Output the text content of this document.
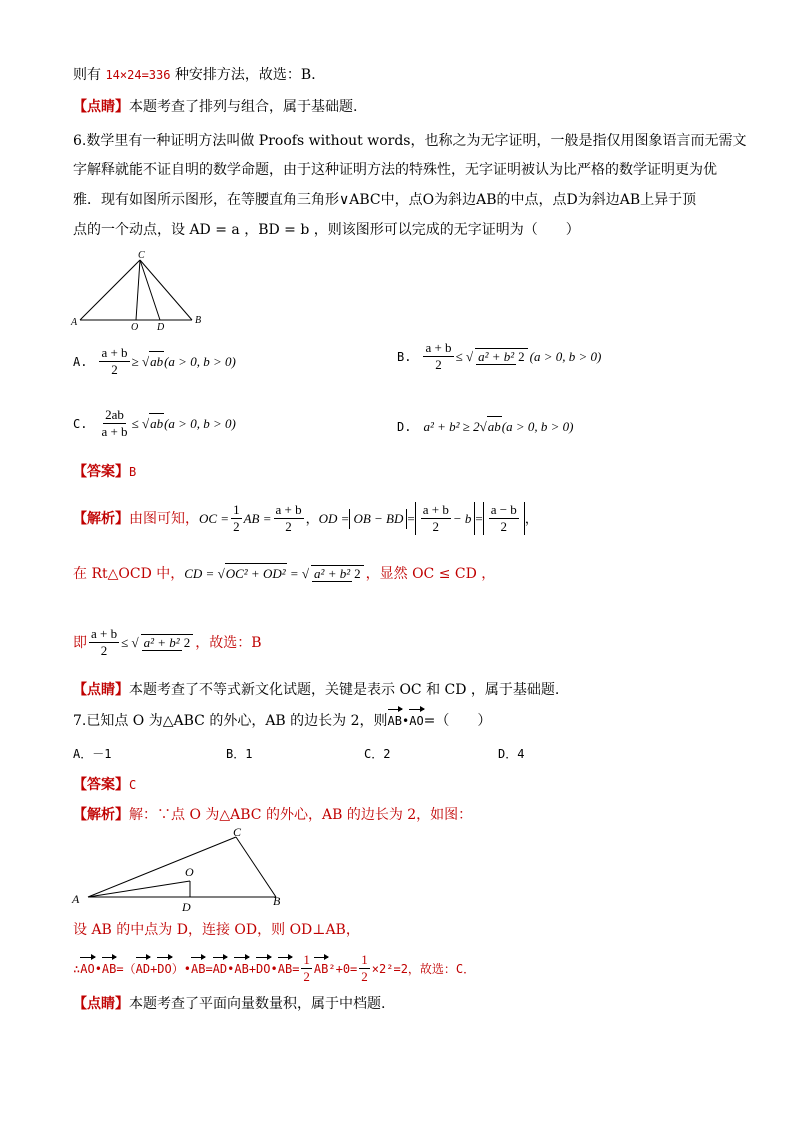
则有 14×24=336 种安排方法，故选：B．
【点睛】本题考查了排列与组合，属于基础题.
6.数学里有一种证明方法叫做 Proofs without words，也称之为无字证明，一般是指仅用图象语言而无需文
字解释就能不证自明的数学命题，由于这种证明方法的特殊性，无字证明被认为比严格的数学证明更为优
雅．现有如图所示图形，在等腰直角三角形∨ABC中，点O为斜边AB的中点，点D为斜边AB上异于顶
点的一个动点，设 AD = a ，BD = b ，则该图形可以完成的无字证明为（　　）
A	B
C
O D
A. $\frac{a + b}{2} \ge √ab$ (a > 0, b > 0)	B. $\frac{a + b}{2}$ ≤ √ a² + b² 2 (a > 0, b > 0)
C. $\frac{2ab}{a + b} \le √ab$ (a > 0, b > 0)	D. a² + b² ≥ 2√ab (a > 0, b > 0)
【答案】B
【解析】 由图可知， OC = $\frac{1}{2}$ AB = $\frac{a + b}{2}$ ， OD = OB − BD = $\frac{a + b}{2} - b = \frac{a - b}{2}$ ，
在 Rt△OCD 中， CD = √OC² + OD² = √ a² + b² 2 ，显然 OC ≤ CD ，
即 $\frac{a + b}{2}$ ≤ √ a² + b² 2 ，故选：B
【点睛】本题考查了不等式新文化试题，关键是表示 OC 和 CD ，属于基础题.
7.已知点 O 为△ABC 的外心，AB 的边长为 2，则 AB • AO =（　　）
A．－1	B．1	C．2	D．4
【答案】C
【解析】解：∵点 O 为△ABC 的外心，AB 的边长为 2，如图：
A	B
C
O
D
设 AB 的中点为 D，连接 OD，则 OD⊥AB，
∴ AO • AB =（ AD + DO ）• AB = AD • AB + DO • AB = $\frac{1}{2}$ AB $^2+0= \frac{1}{2} \times 2^2 =2$，故选：C．
【点睛】本题考查了平面向量数量积，属于中档题.
